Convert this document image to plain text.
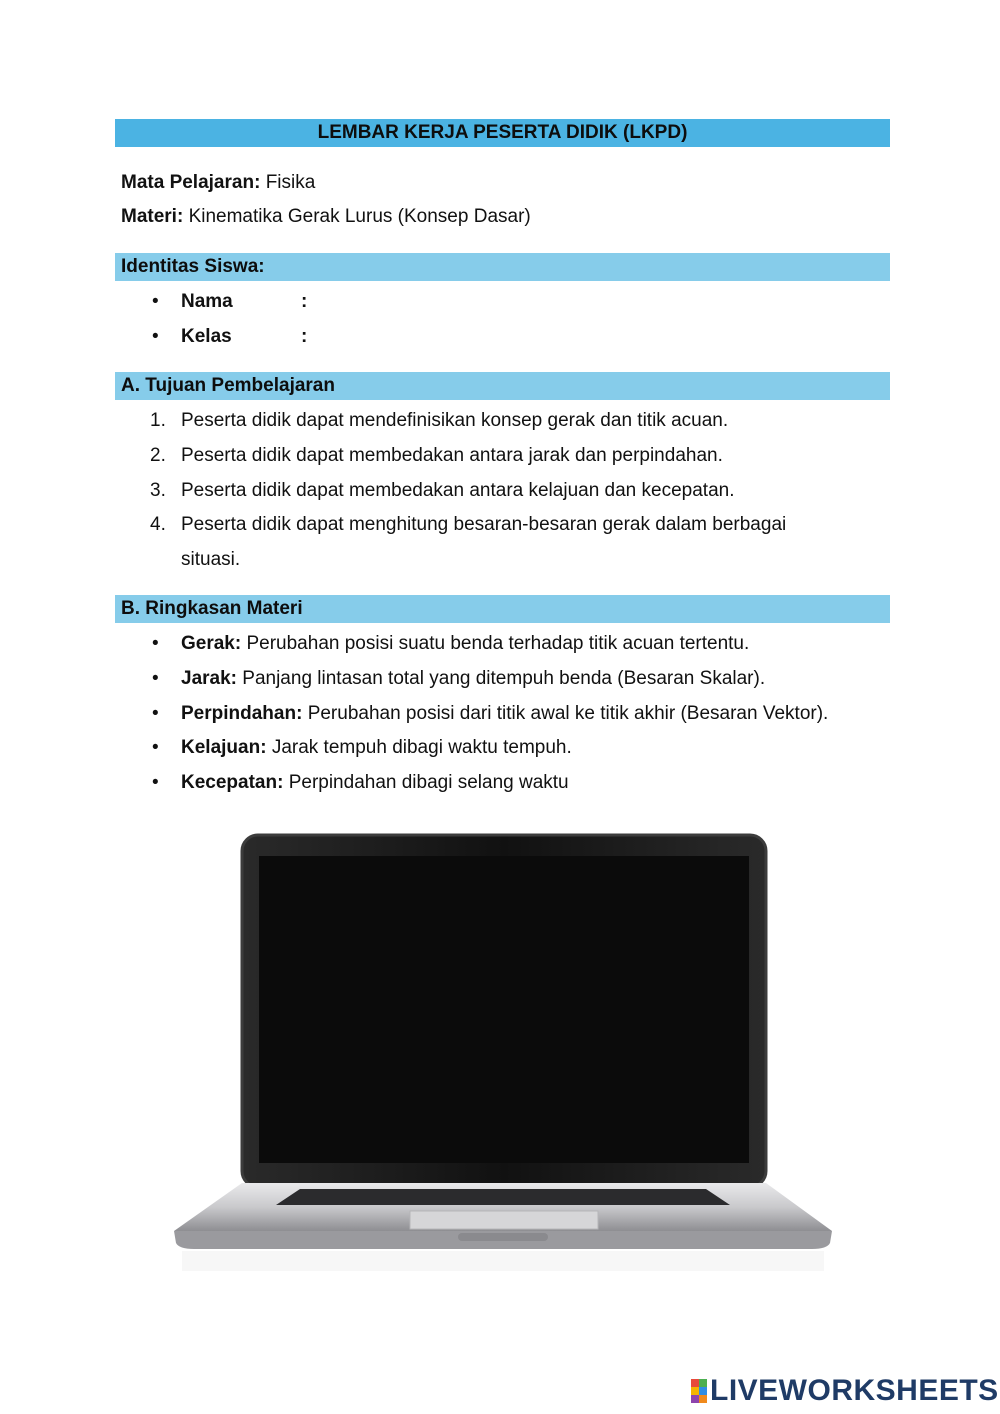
LEMBAR KERJA PESERTA DIDIK (LKPD)
Mata Pelajaran: Fisika
Materi: Kinematika Gerak Lurus (Konsep Dasar)
Identitas Siswa:
• Nama	:
• Kelas	:
A. Tujuan Pembelajaran
1. Peserta didik dapat mendefinisikan konsep gerak dan titik acuan.
2. Peserta didik dapat membedakan antara jarak dan perpindahan.
3. Peserta didik dapat membedakan antara kelajuan dan kecepatan.
4. Peserta didik dapat menghitung besaran-besaran gerak dalam berbagai
situasi.
B. Ringkasan Materi
• Gerak: Perubahan posisi suatu benda terhadap titik acuan tertentu.
• Jarak: Panjang lintasan total yang ditempuh benda (Besaran Skalar).
• Perpindahan: Perubahan posisi dari titik awal ke titik akhir (Besaran Vektor).
• Kelajuan: Jarak tempuh dibagi waktu tempuh.
• Kecepatan: Perpindahan dibagi selang waktu
LIVEWORKSHEETS
